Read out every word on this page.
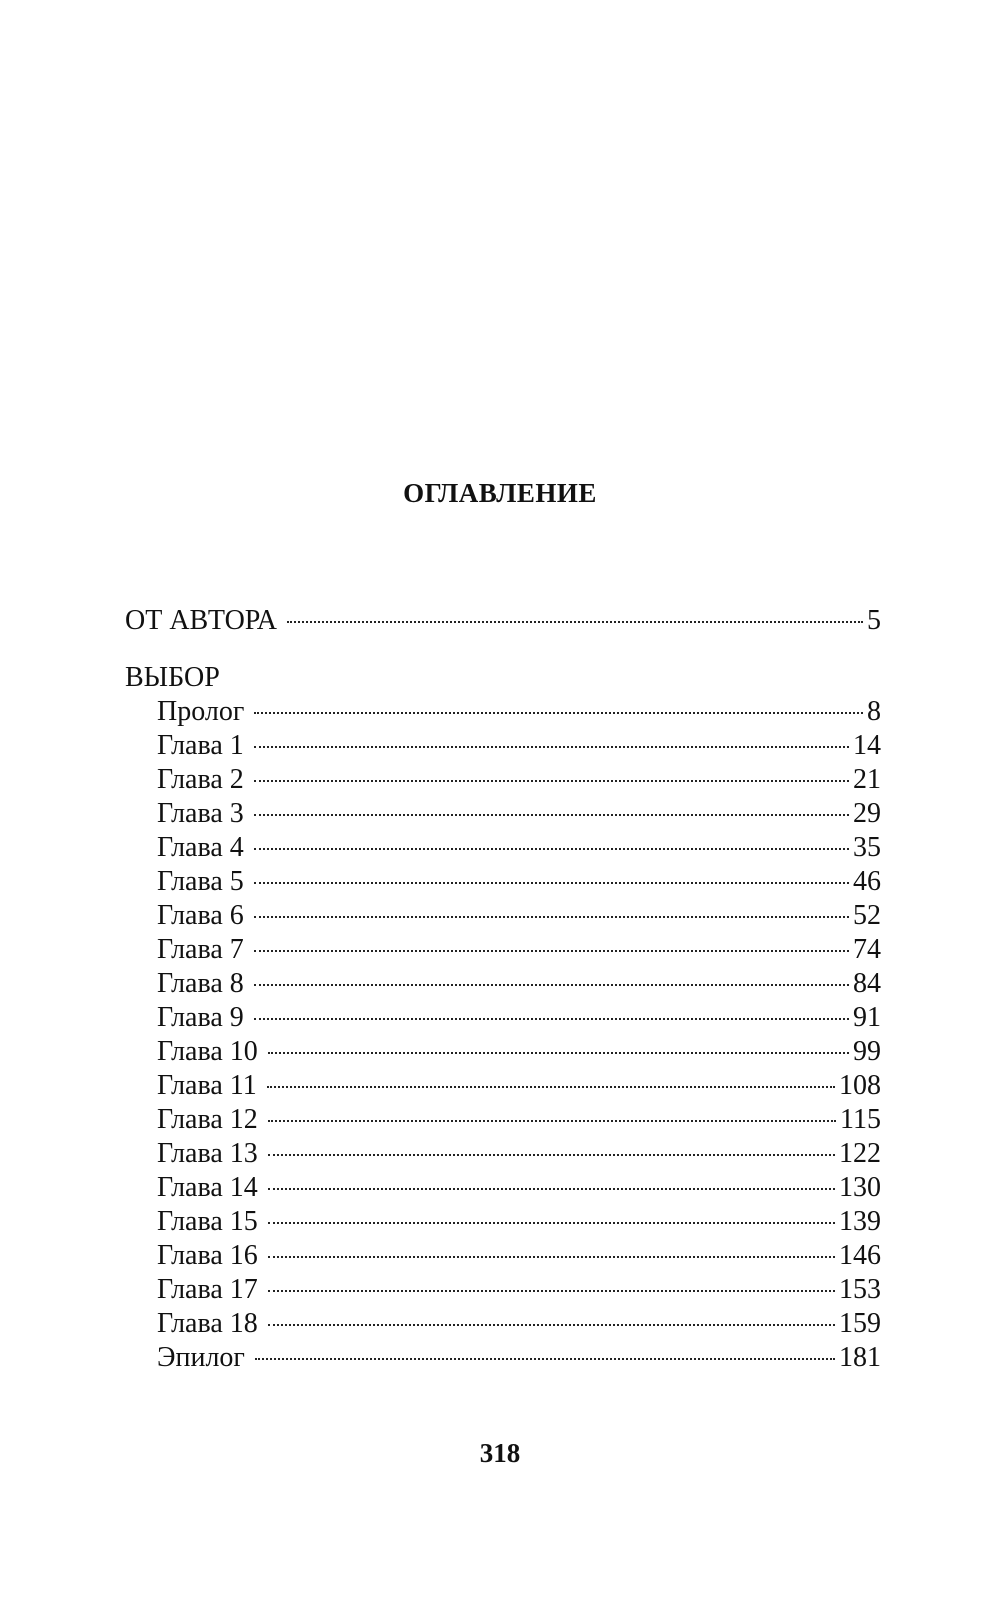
ОГЛАВЛЕНИЕ
ОТ АВТОРА	5
ВЫБОР
Пролог	8
Глава 1	14
Глава 2	21
Глава 3	29
Глава 4	35
Глава 5	46
Глава 6	52
Глава 7	74
Глава 8	84
Глава 9	91
Глава 10	99
Глава 11	108
Глава 12	115
Глава 13	122
Глава 14	130
Глава 15	139
Глава 16	146
Глава 17	153
Глава 18	159
Эпилог	181
318
